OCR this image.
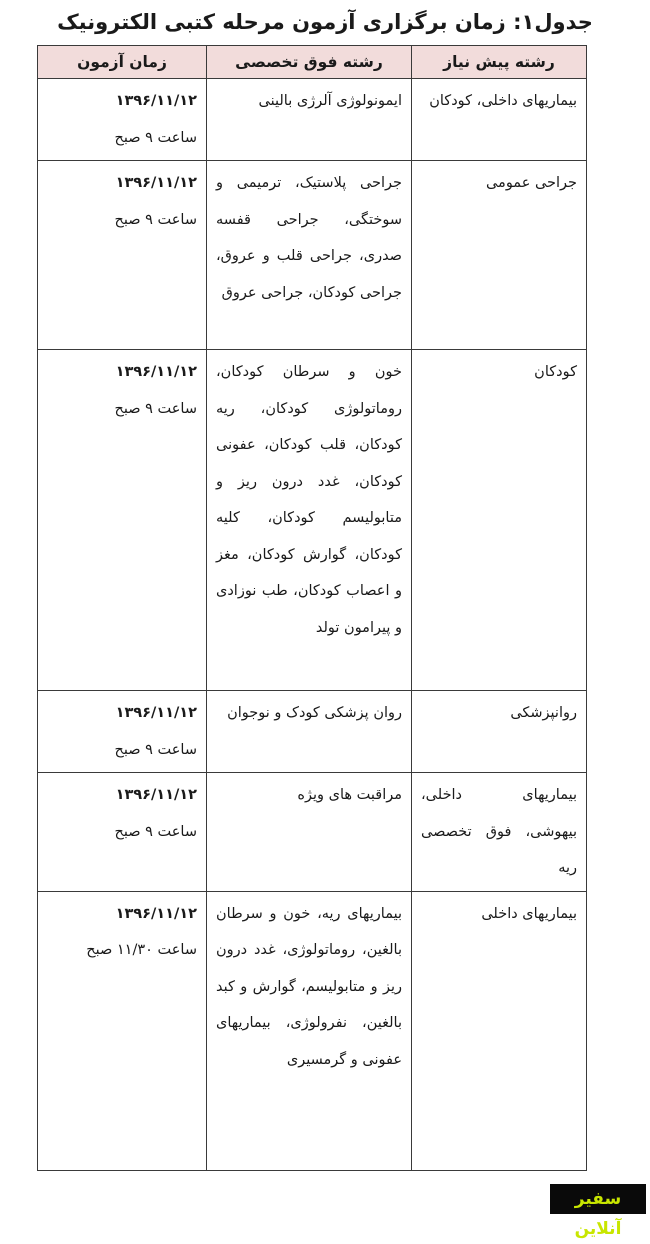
جدول۱: زمان برگزاری آزمون مرحله کتبی الکترونیک
رشته پیش نیاز	رشته فوق تخصصی	زمان آزمون
بیماریهای داخلی، کودکان	ایمونولوژی آلرژی بالینی	۱۳۹۶/۱۱/۱۲
ساعت ۹ صبح

جراحی عمومی	جراحی پلاستیک، ترمیمی و سوختگی، جراحی قفسه صدری، جراحی قلب و عروق، جراحی کودکان، جراحی عروق	۱۳۹۶/۱۱/۱۲
ساعت ۹ صبح

کودکان	خون و سرطان کودکان، روماتولوژی کودکان، ریه کودکان، قلب کودکان، عفونی کودکان، غدد درون ریز و متابولیسم کودکان، کلیه کودکان، گوارش کودکان، مغز و اعصاب کودکان، طب نوزادی و پیرامون تولد	۱۳۹۶/۱۱/۱۲
ساعت ۹ صبح

روانپزشکی	روان پزشکی کودک و نوجوان	۱۳۹۶/۱۱/۱۲
ساعت ۹ صبح

بیماریهای داخلی، بیهوشی، فوق تخصصی ریه	مراقبت های ویژه	۱۳۹۶/۱۱/۱۲
ساعت ۹ صبح

بیماریهای داخلی	بیماریهای ریه، خون و سرطان بالغین، روماتولوژی، غدد درون ریز و متابولیسم، گوارش و کبد بالغین، نفرولوژی، بیماریهای عفونی و گرمسیری	۱۳۹۶/۱۱/۱۲
ساعت ۱۱/۳۰ صبح
سفیر آنلاین
